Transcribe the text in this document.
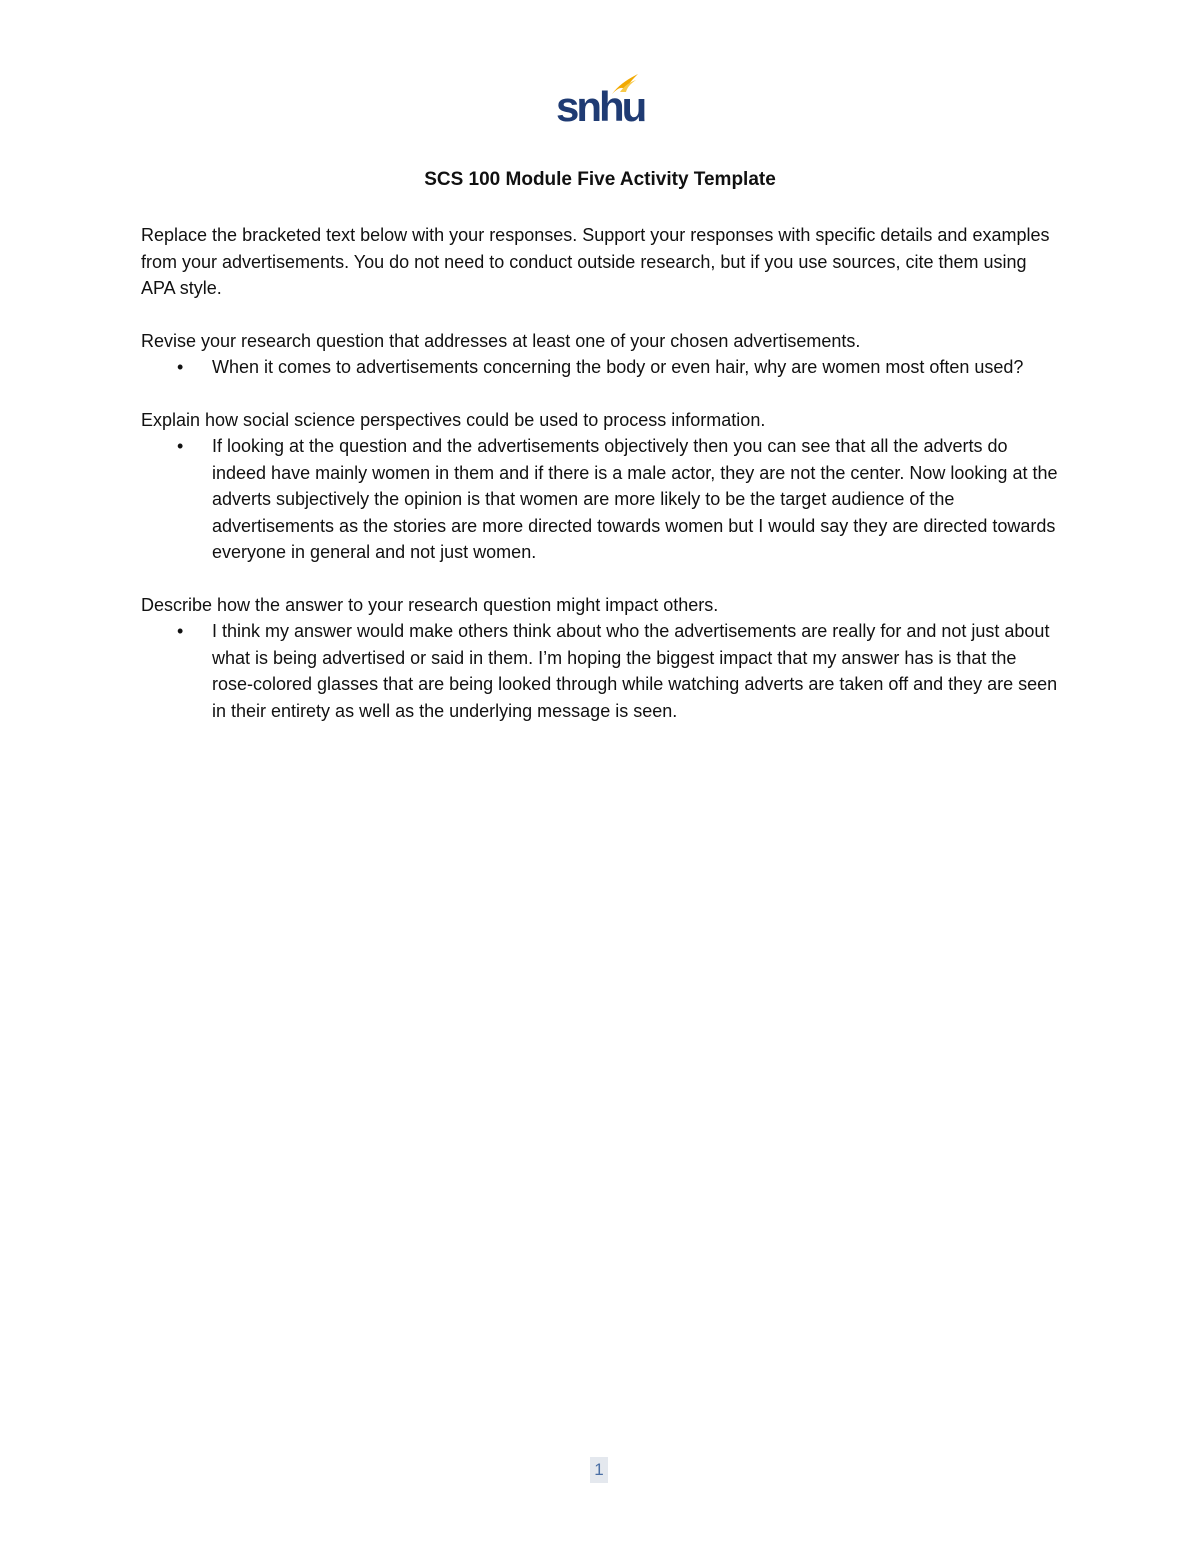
snhu
SCS 100 Module Five Activity Template

Replace the bracketed text below with your responses. Support your responses with specific details and examples from your advertisements. You do not need to conduct outside research, but if you use sources, cite them using APA style.

Revise your research question that addresses at least one of your chosen advertisements.

• When it comes to advertisements concerning the body or even hair, why are women most often used?

Explain how social science perspectives could be used to process information.

• If looking at the question and the advertisements objectively then you can see that all the adverts do indeed have mainly women in them and if there is a male actor, they are not the center. Now looking at the adverts subjectively the opinion is that women are more likely to be the target audience of the advertisements as the stories are more directed towards women but I would say they are directed towards everyone in general and not just women.

Describe how the answer to your research question might impact others.

• I think my answer would make others think about who the advertisements are really for and not just about what is being advertised or said in them. I’m hoping the biggest impact that my answer has is that the rose-colored glasses that are being looked through while watching adverts are taken off and they are seen in their entirety as well as the underlying message is seen.
1
